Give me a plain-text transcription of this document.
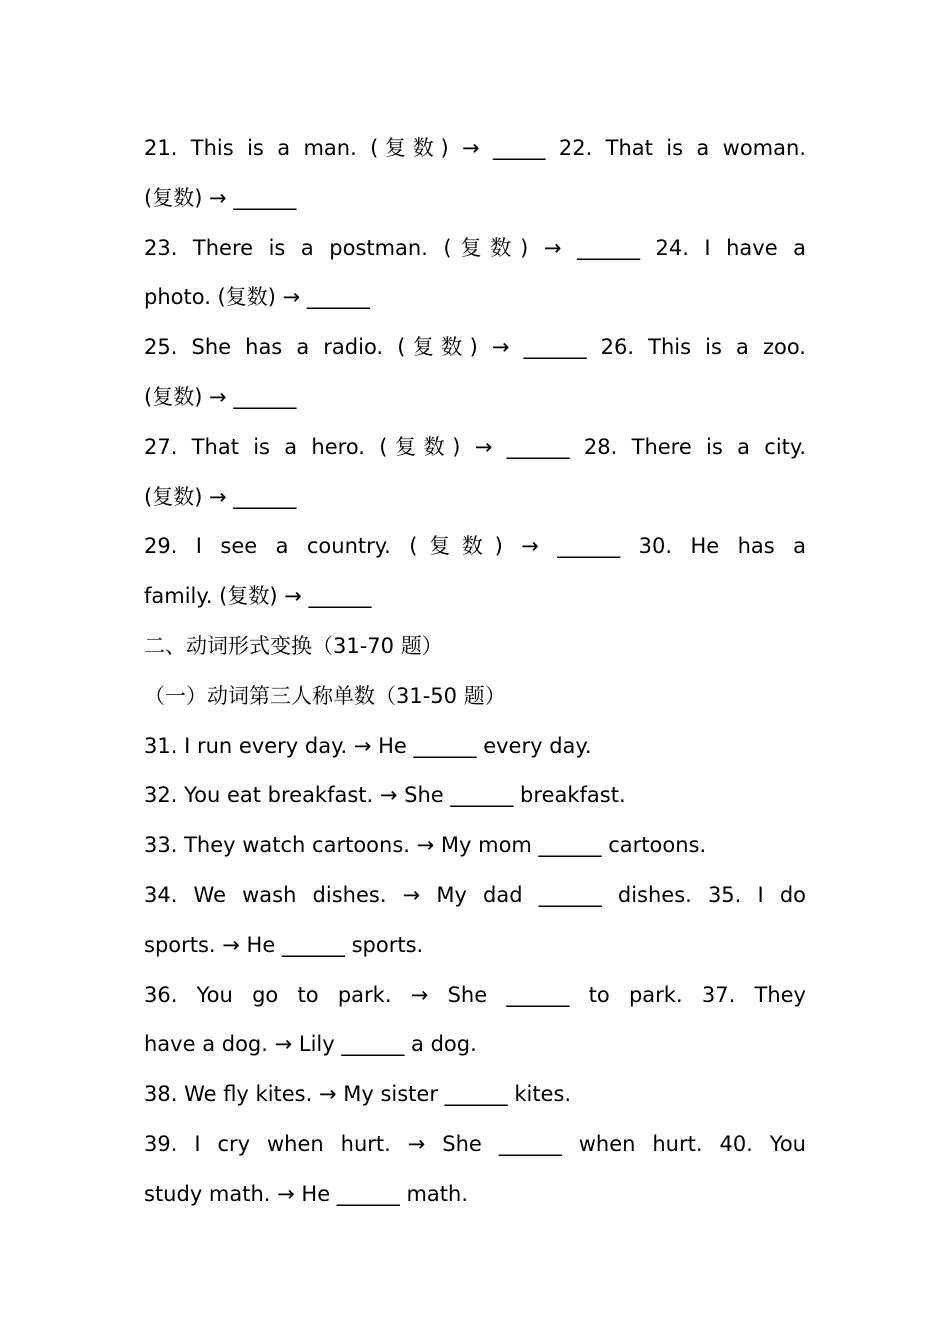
21. This is a man. (复数) → _____ 22. That is a woman.
(复数) → ______
23. There is a postman. (复数) → ______ 24. I have a
photo. (复数) → ______
25. She has a radio. (复数) → ______ 26. This is a zoo.
(复数) → ______
27. That is a hero. (复数) → ______ 28. There is a city.
(复数) → ______
29. I see a country. (复数) → ______ 30. He has a
family. (复数) → ______
二、动词形式变换（31-70 题）
（一）动词第三人称单数（31-50 题）
31. I run every day. → He ______ every day.
32. You eat breakfast. → She ______ breakfast.
33. They watch cartoons. → My mom ______ cartoons.
34. We wash dishes. → My dad ______ dishes. 35. I do
sports. → He ______ sports.
36. You go to park. → She ______ to park. 37. They
have a dog. → Lily ______ a dog.
38. We fly kites. → My sister ______ kites.
39. I cry when hurt. → She ______ when hurt. 40. You
study math. → He ______ math.
